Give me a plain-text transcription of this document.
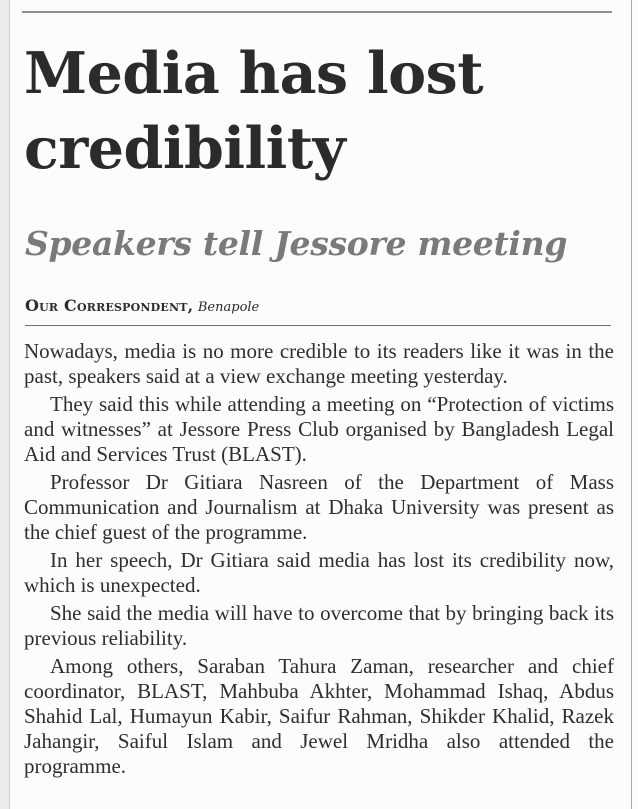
Media has lost credibility
Speakers tell Jessore meeting
Our Correspondent, Benapole

Nowadays, media is no more credible to its readers like it was in the past, speakers said at a view exchange meeting yesterday.

They said this while attending a meeting on “Protection of victims and witnesses” at Jessore Press Club organised by Bangladesh Legal Aid and Services Trust (BLAST).

Professor Dr Gitiara Nasreen of the Department of Mass Communication and Journalism at Dhaka University was present as the chief guest of the programme.

In her speech, Dr Gitiara said media has lost its credibility now, which is unexpected.

She said the media will have to overcome that by bringing back its previous reliability.

Among others, Saraban Tahura Zaman, researcher and chief coordinator, BLAST, Mahbuba Akhter, Mohammad Ishaq, Abdus Shahid Lal, Humayun Kabir, Saifur Rahman, Shikder Khalid, Razek Jahangir, Saiful Islam and Jewel Mridha also attended the programme.
